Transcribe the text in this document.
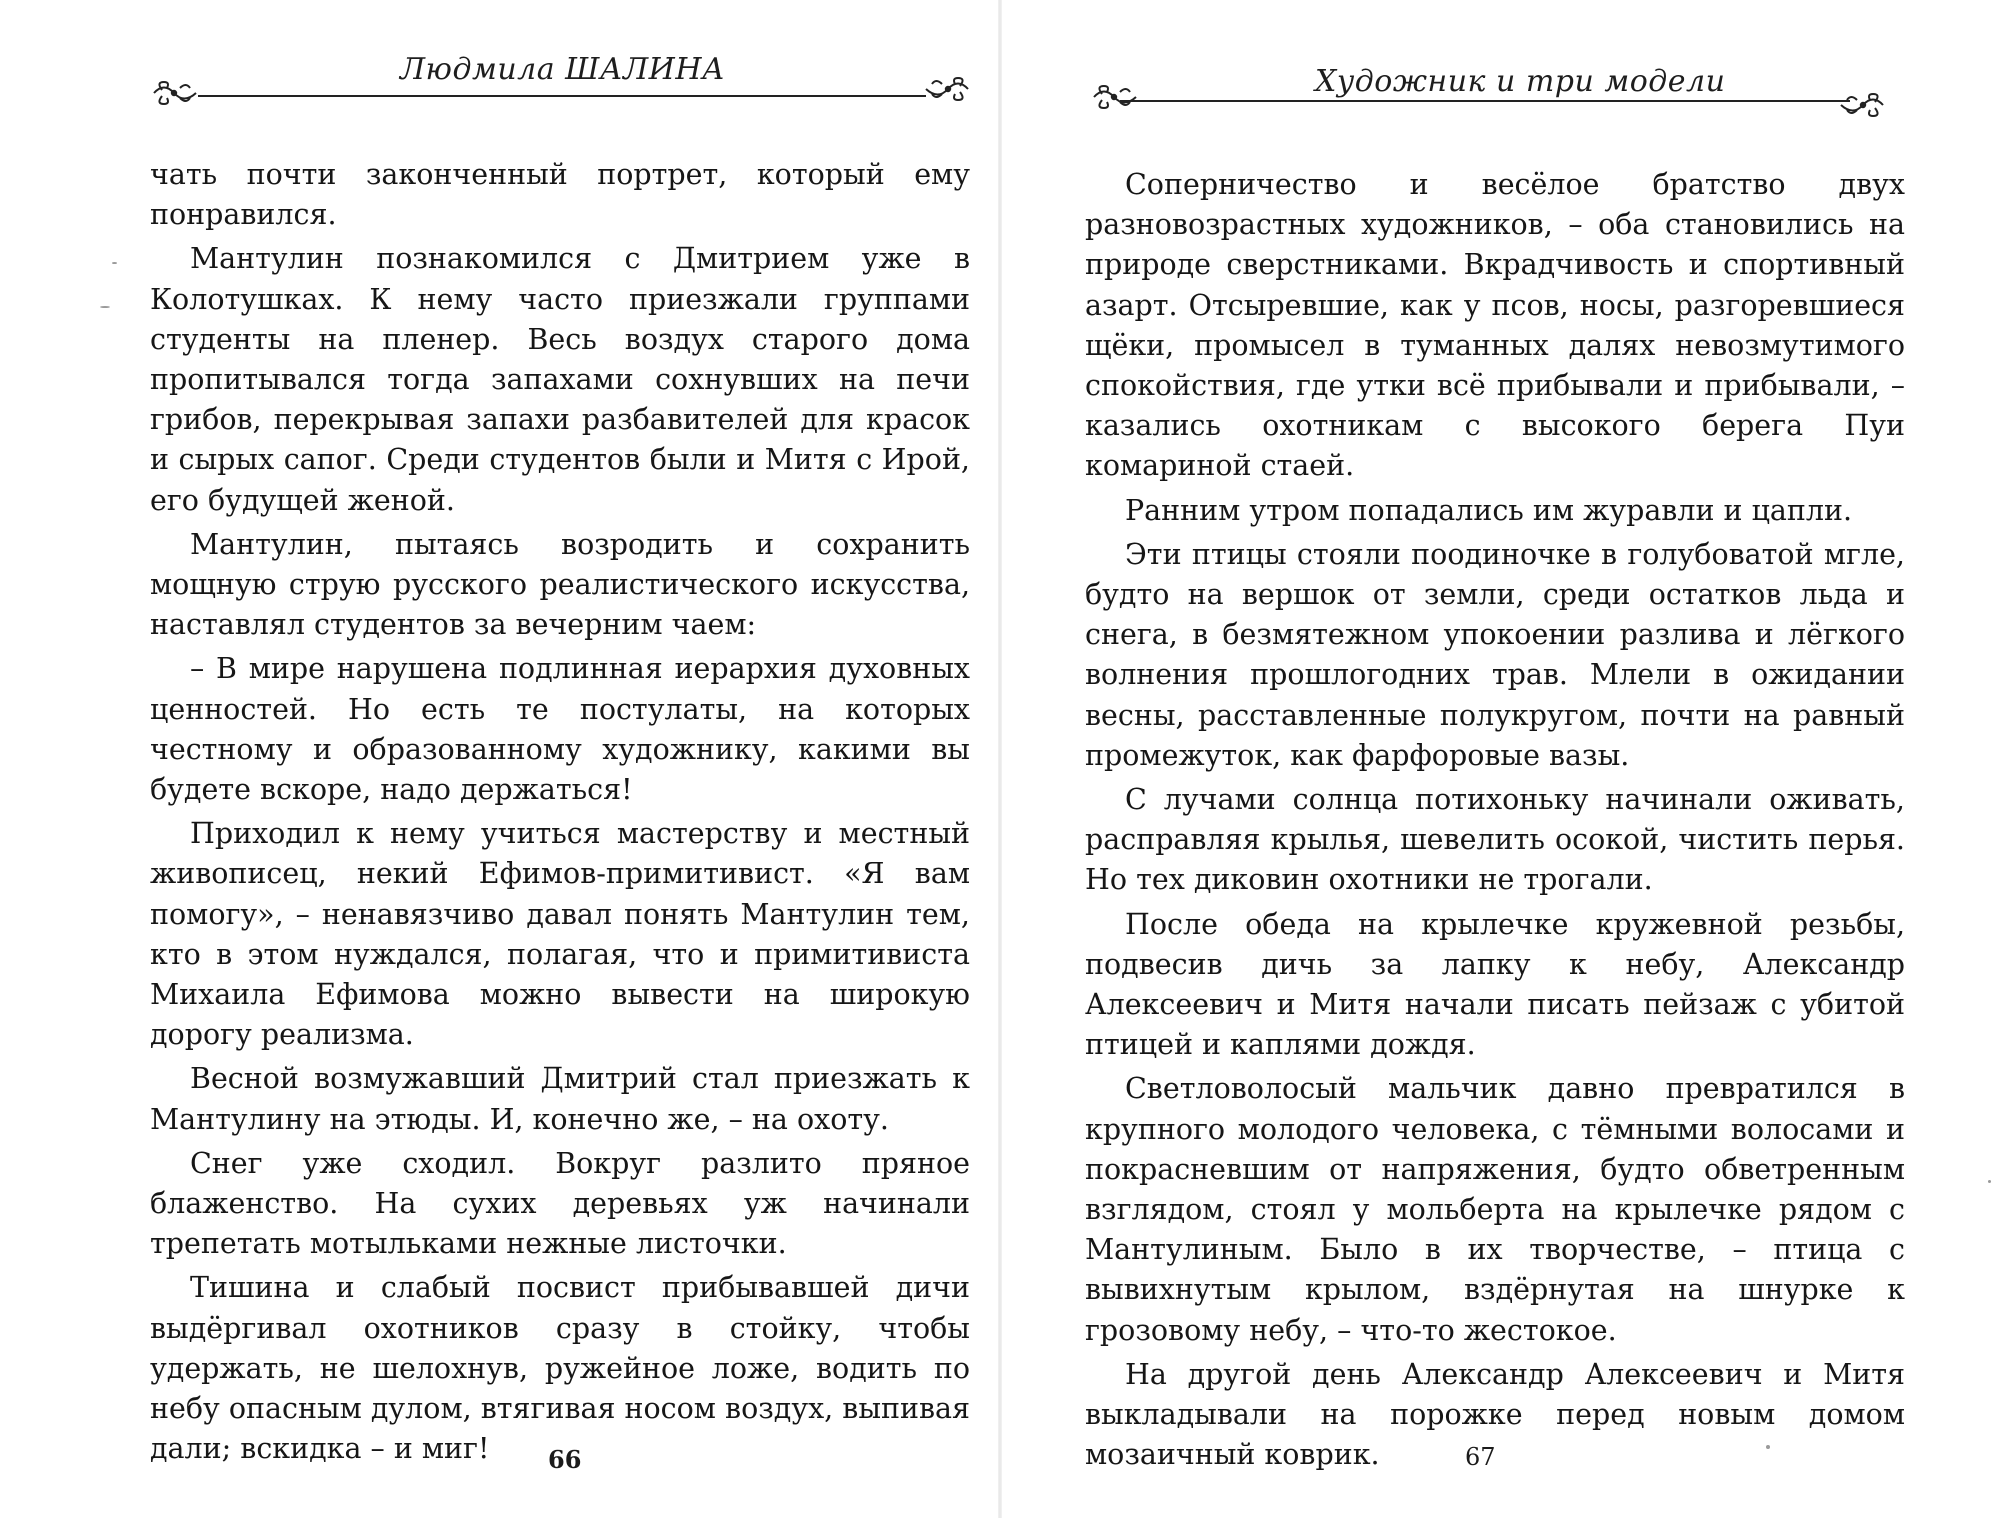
Людмила ШАЛИНА

чать почти законченный портрет, который ему понравился.

Мантулин познакомился с Дмитрием уже в Колотушках. К нему часто приезжали группами студенты на пленер. Весь воздух старого дома пропитывался тогда запахами сохнувших на печи грибов, перекрывая запахи разбавителей для красок и сырых сапог. Среди студентов были и Митя с Ирой, его будущей женой.

Мантулин, пытаясь возродить и сохранить мощную струю русского реалистического искусства, наставлял студентов за вечерним чаем:

– В мире нарушена подлинная иерархия духовных ценностей. Но есть те постулаты, на которых честному и образованному художнику, какими вы будете вскоре, надо держаться!

Приходил к нему учиться мастерству и местный живописец, некий Ефимов-примитивист. «Я вам помогу», – ненавязчиво давал понять Мантулин тем, кто в этом нуждался, полагая, что и примитивиста Михаила Ефимова можно вывести на широкую дорогу реализма.

Весной возмужавший Дмитрий стал приезжать к Мантулину на этюды. И, конечно же, – на охоту.

Снег уже сходил. Вокруг разлито пряное блаженство. На сухих деревьях уж начинали трепетать мотыльками нежные листочки.

Тишина и слабый посвист прибывавшей дичи выдёргивал охотников сразу в стойку, чтобы удержать, не шелохнув, ружейное ложе, водить по небу опасным дулом, втягивая носом воздух, выпивая дали; вскидка – и миг!	66
Художник и три модели

Соперничество и весёлое братство двух разновозрастных художников, – оба становились на природе сверстниками. Вкрадчивость и спортивный азарт. Отсыревшие, как у псов, носы, разгоревшиеся щёки, промысел в туманных далях невозмутимого спокойствия, где утки всё прибывали и прибывали, – казались охотникам с высокого берега Пуи комариной стаей.

Ранним утром попадались им журавли и цапли.

Эти птицы стояли поодиночке в голубоватой мгле, будто на вершок от земли, среди остатков льда и снега, в безмятежном упокоении разлива и лёгкого волнения прошлогодних трав. Млели в ожидании весны, расставленные полукругом, почти на равный промежуток, как фарфоровые вазы.

С лучами солнца потихоньку начинали оживать, расправляя крылья, шевелить осокой, чистить перья. Но тех диковин охотники не трогали.

После обеда на крылечке кружевной резьбы, подвесив дичь за лапку к небу, Александр Алексеевич и Митя начали писать пейзаж с убитой птицей и каплями дождя.

Светловолосый мальчик давно превратился в крупного молодого человека, с тёмными волосами и покрасневшим от напряжения, будто обветренным взглядом, стоял у мольберта на крылечке рядом с Мантулиным. Было в их творчестве, – птица с вывихнутым крылом, вздёрнутая на шнурке к грозовому небу, – что-то жестокое.

На другой день Александр Алексеевич и Митя выкладывали на порожке перед новым домом мозаичный коврик.	67
